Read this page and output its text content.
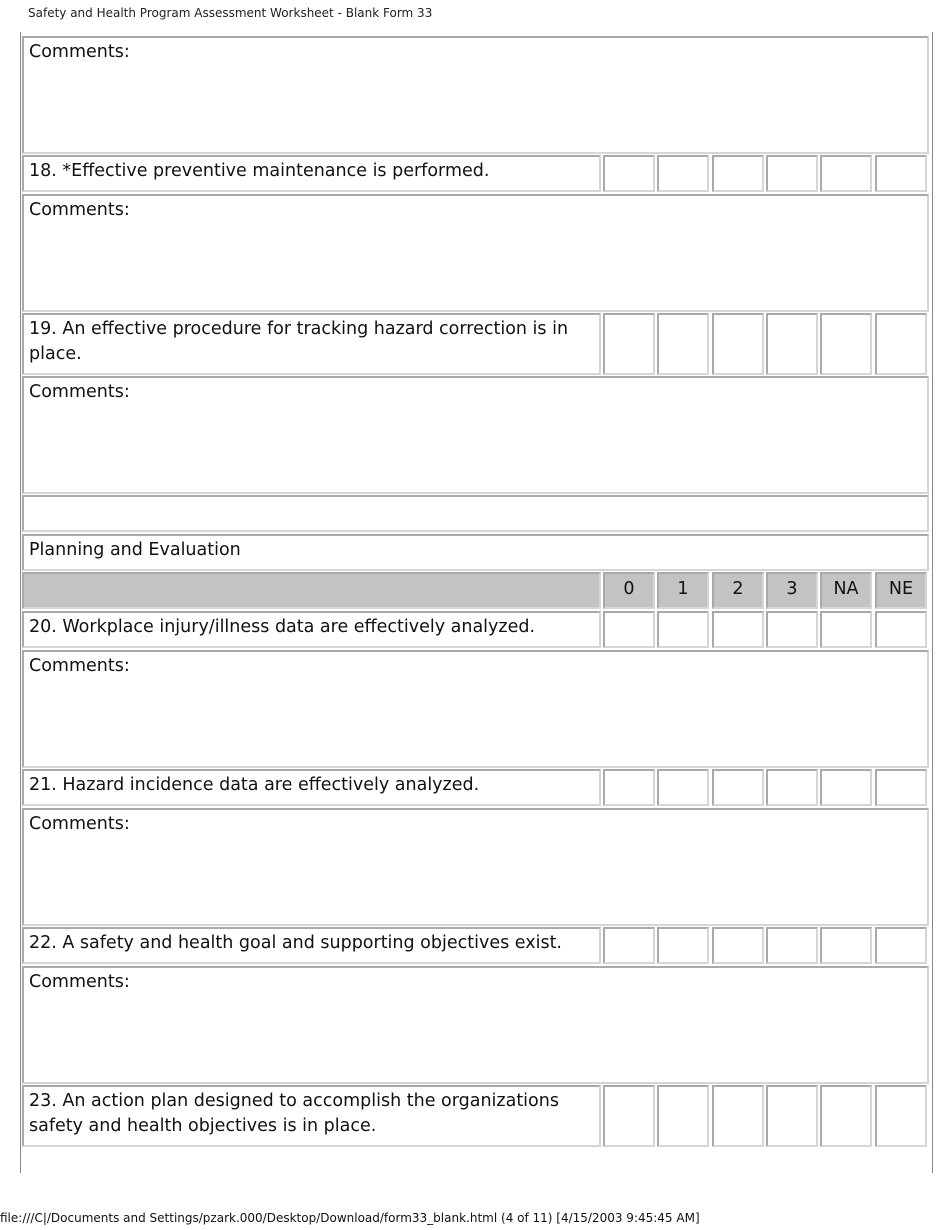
Safety and Health Program Assessment Worksheet - Blank Form 33
Comments:
18. *Effective preventive maintenance is performed.
Comments:
19. An effective procedure for tracking hazard correction is in place.
Comments:
Planning and Evaluation
0	1	2	3	NA	NE
20. Workplace injury/illness data are effectively analyzed.
Comments:
21. Hazard incidence data are effectively analyzed.
Comments:
22. A safety and health goal and supporting objectives exist.
Comments:
23. An action plan designed to accomplish the organizations safety and health objectives is in place.
file:///C|/Documents and Settings/pzark.000/Desktop/Download/form33_blank.html (4 of 11) [4/15/2003 9:45:45 AM]
